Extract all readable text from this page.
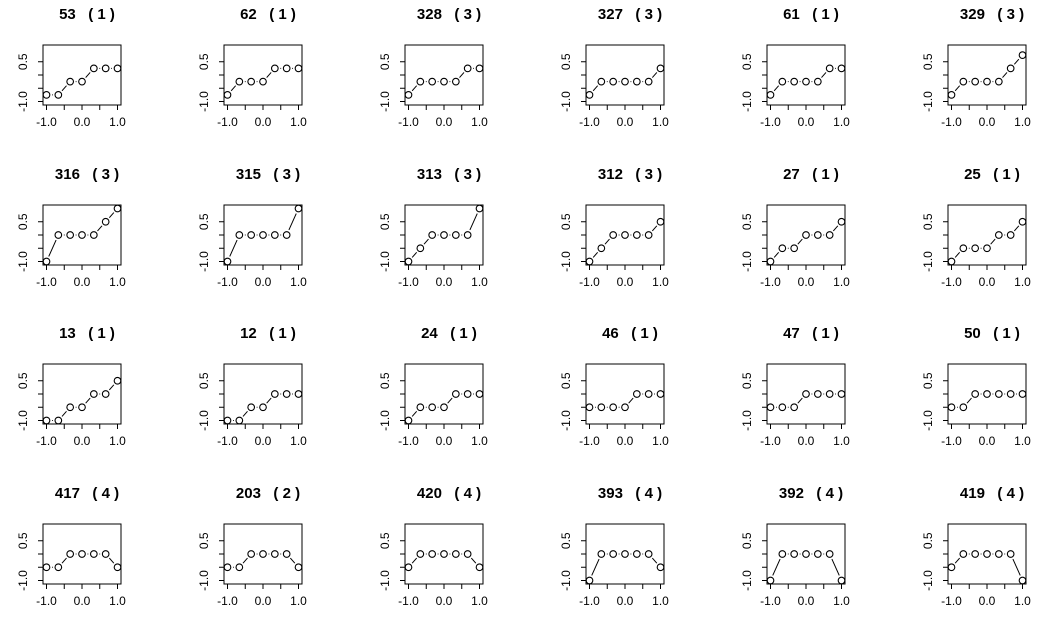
53   ( 1 )
-1.0 0.0 1.0
-1.0
0.5
62   ( 1 )
-1.0 0.0 1.0
-1.0
0.5
328   ( 3 )
-1.0 0.0 1.0
-1.0
0.5
327   ( 3 )
-1.0 0.0 1.0
-1.0
0.5
61   ( 1 )
-1.0 0.0 1.0
-1.0
0.5
329   ( 3 )
-1.0 0.0 1.0
-1.0
0.5
316   ( 3 )
-1.0 0.0 1.0
-1.0
0.5
315   ( 3 )
-1.0 0.0 1.0
-1.0
0.5
313   ( 3 )
-1.0 0.0 1.0
-1.0
0.5
312   ( 3 )
-1.0 0.0 1.0
-1.0
0.5
27   ( 1 )
-1.0 0.0 1.0
-1.0
0.5
25   ( 1 )
-1.0 0.0 1.0
-1.0
0.5
13   ( 1 )
-1.0 0.0 1.0
-1.0
0.5
12   ( 1 )
-1.0 0.0 1.0
-1.0
0.5
24   ( 1 )
-1.0 0.0 1.0
-1.0
0.5
46   ( 1 )
-1.0 0.0 1.0
-1.0
0.5
47   ( 1 )
-1.0 0.0 1.0
-1.0
0.5
50   ( 1 )
-1.0 0.0 1.0
-1.0
0.5
417   ( 4 )
-1.0 0.0 1.0
-1.0
0.5
203   ( 2 )
-1.0 0.0 1.0
-1.0
0.5
420   ( 4 )
-1.0 0.0 1.0
-1.0
0.5
393   ( 4 )
-1.0 0.0 1.0
-1.0
0.5
392   ( 4 )
-1.0 0.0 1.0
-1.0
0.5
419   ( 4 )
-1.0 0.0 1.0
-1.0
0.5
